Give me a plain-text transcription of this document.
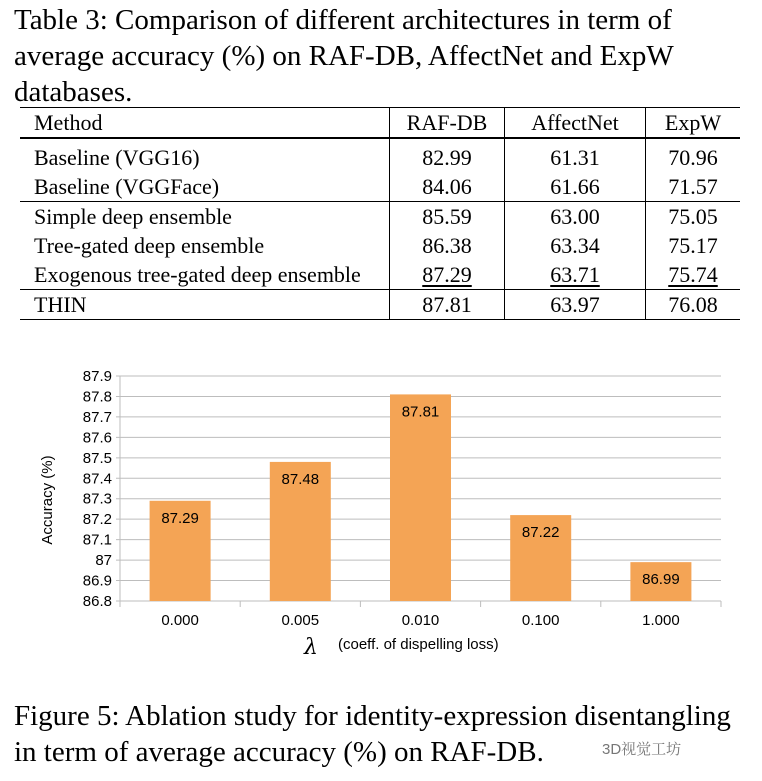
Table 3: Comparison of different architectures in term of average accuracy (%) on RAF-DB, AffectNet and ExpW databases.

Method	RAF-DB	AffectNet	ExpW
Baseline (VGG16)	82.99	61.31	70.96
Baseline (VGGFace)	84.06	61.66	71.57
Simple deep ensemble	85.59	63.00	75.05
Tree-gated deep ensemble	86.38	63.34	75.17
Exogenous tree-gated deep ensemble	87.29	63.71	75.74
THIN	87.81	63.97	76.08
86.8
86.9
87
87.1
87.2
87.3
87.4
87.5
87.6
87.7
87.8
87.9
87.29
87.48
87.81
87.22
86.99
0.000	0.005	0.010	0.100	1.000
Accuracy (%)
λ (coeff. of dispelling loss)

Figure 5: Ablation study for identity-expression disentangling in term of average accuracy (%) on RAF-DB.	3D视觉工坊
